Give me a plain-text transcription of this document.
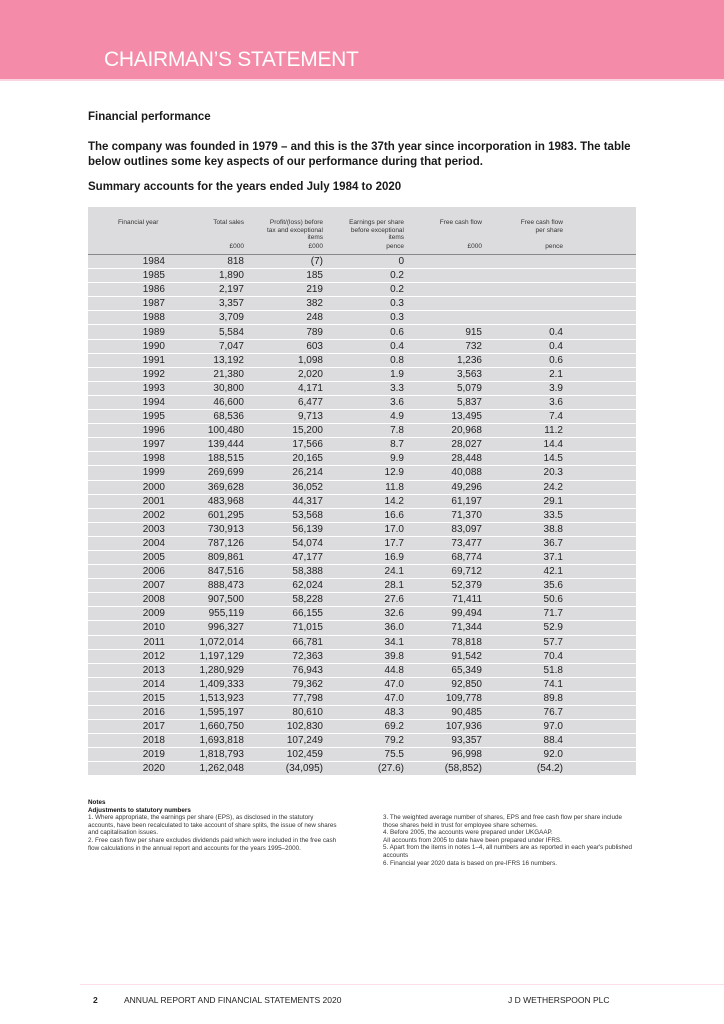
CHAIRMAN’S STATEMENT
Financial performance
The company was founded in 1979 – and this is the 37th year since incorporation in 1983. The table below outlines some key aspects of our performance during that period.
Summary accounts for the years ended July 1984 to 2020
Financial year	Total sales	Profit/(loss) before tax and exceptional items	Earnings per share before exceptional items	Free cash flow	Free cash flow per share	
	£000	£000	pence	£000	pence	
1984	818	(7)	0			
1985	1,890	185	0.2			
1986	2,197	219	0.2			
1987	3,357	382	0.3			
1988	3,709	248	0.3			
1989	5,584	789	0.6	915	0.4	
1990	7,047	603	0.4	732	0.4	
1991	13,192	1,098	0.8	1,236	0.6	
1992	21,380	2,020	1.9	3,563	2.1	
1993	30,800	4,171	3.3	5,079	3.9	
1994	46,600	6,477	3.6	5,837	3.6	
1995	68,536	9,713	4.9	13,495	7.4	
1996	100,480	15,200	7.8	20,968	11.2	
1997	139,444	17,566	8.7	28,027	14.4	
1998	188,515	20,165	9.9	28,448	14.5	
1999	269,699	26,214	12.9	40,088	20.3	
2000	369,628	36,052	11.8	49,296	24.2	
2001	483,968	44,317	14.2	61,197	29.1	
2002	601,295	53,568	16.6	71,370	33.5	
2003	730,913	56,139	17.0	83,097	38.8	
2004	787,126	54,074	17.7	73,477	36.7	
2005	809,861	47,177	16.9	68,774	37.1	
2006	847,516	58,388	24.1	69,712	42.1	
2007	888,473	62,024	28.1	52,379	35.6	
2008	907,500	58,228	27.6	71,411	50.6	
2009	955,119	66,155	32.6	99,494	71.7	
2010	996,327	71,015	36.0	71,344	52.9	
2011	1,072,014	66,781	34.1	78,818	57.7	
2012	1,197,129	72,363	39.8	91,542	70.4	
2013	1,280,929	76,943	44.8	65,349	51.8	
2014	1,409,333	79,362	47.0	92,850	74.1	
2015	1,513,923	77,798	47.0	109,778	89.8	
2016	1,595,197	80,610	48.3	90,485	76.7	
2017	1,660,750	102,830	69.2	107,936	97.0	
2018	1,693,818	107,249	79.2	93,357	88.4	
2019	1,818,793	102,459	75.5	96,998	92.0	
2020	1,262,048	(34,095)	(27.6)	(58,852)	(54.2)	
Notes
Adjustments to statutory numbers
1. Where appropriate, the earnings per share (EPS), as disclosed in the statutory accounts, have been recalculated to take account of share splits, the issue of new shares and capitalisation issues.
2. Free cash flow per share excludes dividends paid which were included in the free cash flow calculations in the annual report and accounts for the years 1995–2000.
3. The weighted average number of shares, EPS and free cash flow per share include those shares held in trust for employee share schemes.
4. Before 2005, the accounts were prepared under UKGAAP.
All accounts from 2005 to date have been prepared under IFRS.
5. Apart from the items in notes 1–4, all numbers are as reported in each year's published accounts
6. Financial year 2020 data is based on pre-IFRS 16 numbers.
2	ANNUAL REPORT AND FINANCIAL STATEMENTS 2020	J D WETHERSPOON PLC
